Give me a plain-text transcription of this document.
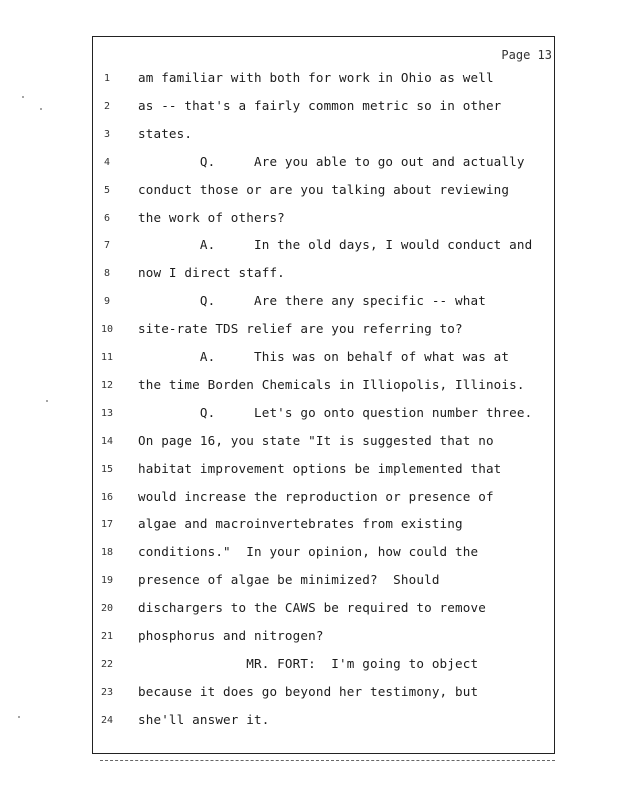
Page 13
1	am familiar with both for work in Ohio as well
2	as -- that's a fairly common metric so in other
3	states.
4	Q.     Are you able to go out and actually
5	conduct those or are you talking about reviewing
6	the work of others?
7	A.     In the old days, I would conduct and
8	now I direct staff.
9	Q.     Are there any specific -- what
10	site-rate TDS relief are you referring to?
11	A.     This was on behalf of what was at
12	the time Borden Chemicals in Illiopolis, Illinois.
13	Q.     Let's go onto question number three.
14	On page 16, you state "It is suggested that no
15	habitat improvement options be implemented that
16	would increase the reproduction or presence of
17	algae and macroinvertebrates from existing
18	conditions."  In your opinion, how could the
19	presence of algae be minimized?  Should
20	dischargers to the CAWS be required to remove
21	phosphorus and nitrogen?
22	MR. FORT:  I'm going to object
23	because it does go beyond her testimony, but
24	she'll answer it.
